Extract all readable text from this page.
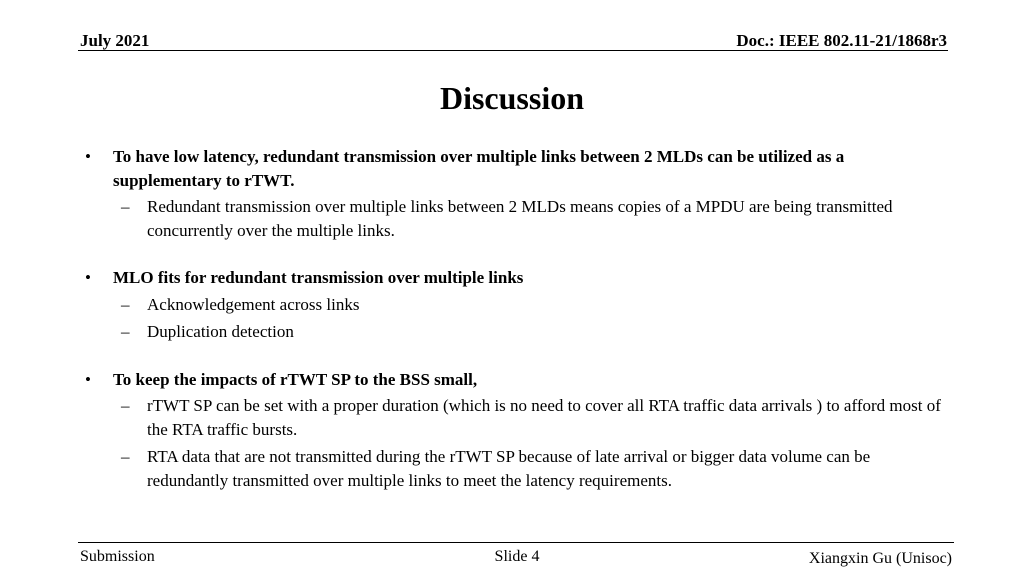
July 2021	Doc.: IEEE 802.11-21/1868r3
Discussion
• To have low latency, redundant transmission over multiple links between 2 MLDs can be utilized as a supplementary to rTWT.
– Redundant transmission over multiple links between 2 MLDs means copies of a MPDU are being transmitted concurrently over the multiple links.
• MLO fits for redundant transmission over multiple links
– Acknowledgement across links
– Duplication detection
• To keep the impacts of rTWT SP to the BSS small,
– rTWT SP can be set with a proper duration (which is no need to cover all RTA traffic data arrivals ) to afford most of the RTA traffic bursts.
– RTA data that are not transmitted during the rTWT SP because of late arrival or bigger data volume can be redundantly transmitted over multiple links to meet the latency requirements.
Submission	Slide 4	Xiangxin Gu (Unisoc)
